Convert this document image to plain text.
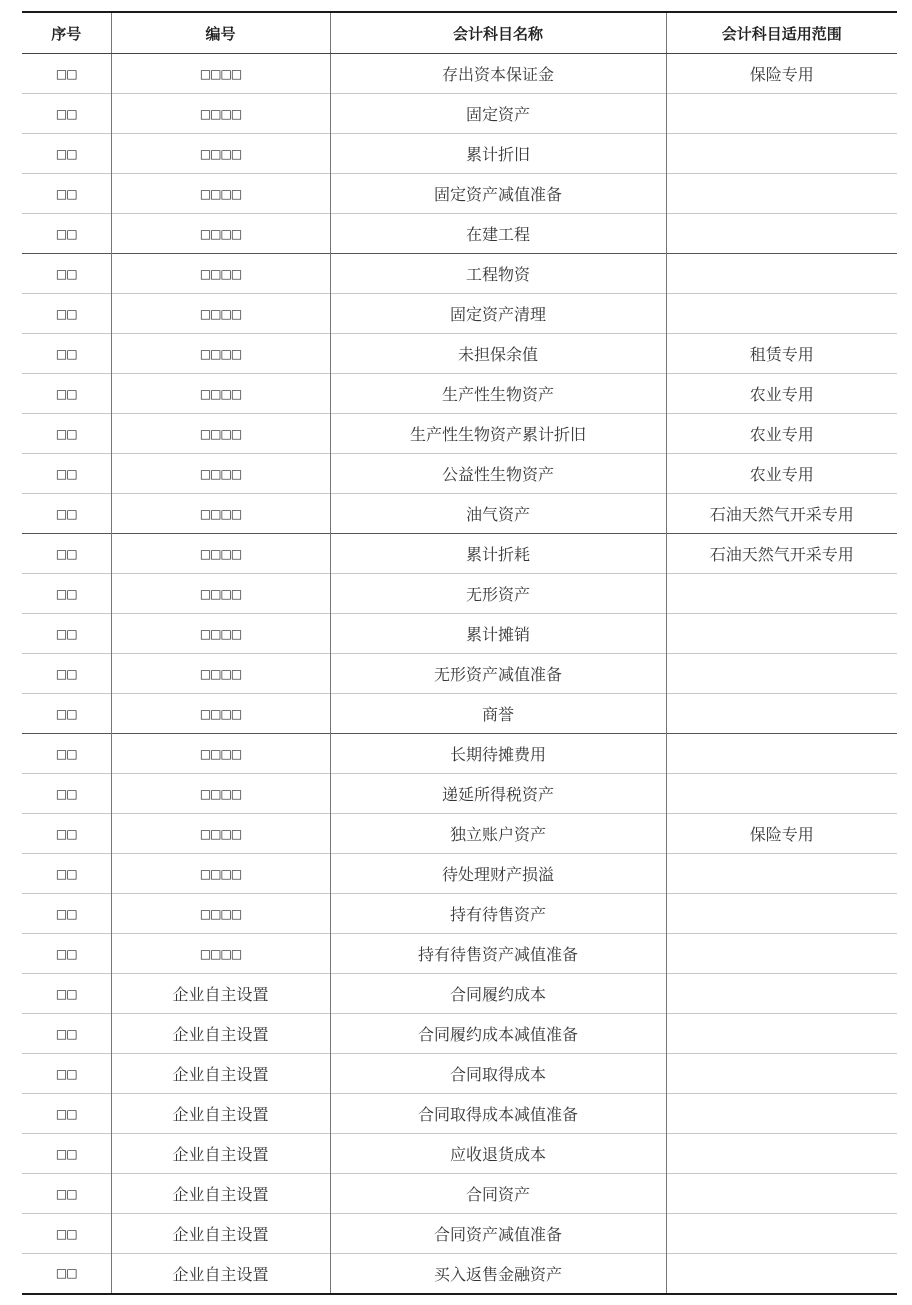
序号	编号	会计科目名称	会计科目适用范围
□□	□□□□	存出资本保证金	保险专用
□□	□□□□	固定资产	
□□	□□□□	累计折旧	
□□	□□□□	固定资产减值准备	
□□	□□□□	在建工程	
□□	□□□□	工程物资	
□□	□□□□	固定资产清理	
□□	□□□□	未担保余值	租赁专用
□□	□□□□	生产性生物资产	农业专用
□□	□□□□	生产性生物资产累计折旧	农业专用
□□	□□□□	公益性生物资产	农业专用
□□	□□□□	油气资产	石油天然气开采专用
□□	□□□□	累计折耗	石油天然气开采专用
□□	□□□□	无形资产	
□□	□□□□	累计摊销	
□□	□□□□	无形资产减值准备	
□□	□□□□	商誉	
□□	□□□□	长期待摊费用	
□□	□□□□	递延所得税资产	
□□	□□□□	独立账户资产	保险专用
□□	□□□□	待处理财产损溢	
□□	□□□□	持有待售资产	
□□	□□□□	持有待售资产减值准备	
□□	企业自主设置	合同履约成本	
□□	企业自主设置	合同履约成本减值准备	
□□	企业自主设置	合同取得成本	
□□	企业自主设置	合同取得成本减值准备	
□□	企业自主设置	应收退货成本	
□□	企业自主设置	合同资产	
□□	企业自主设置	合同资产减值准备	
□□	企业自主设置	买入返售金融资产	
